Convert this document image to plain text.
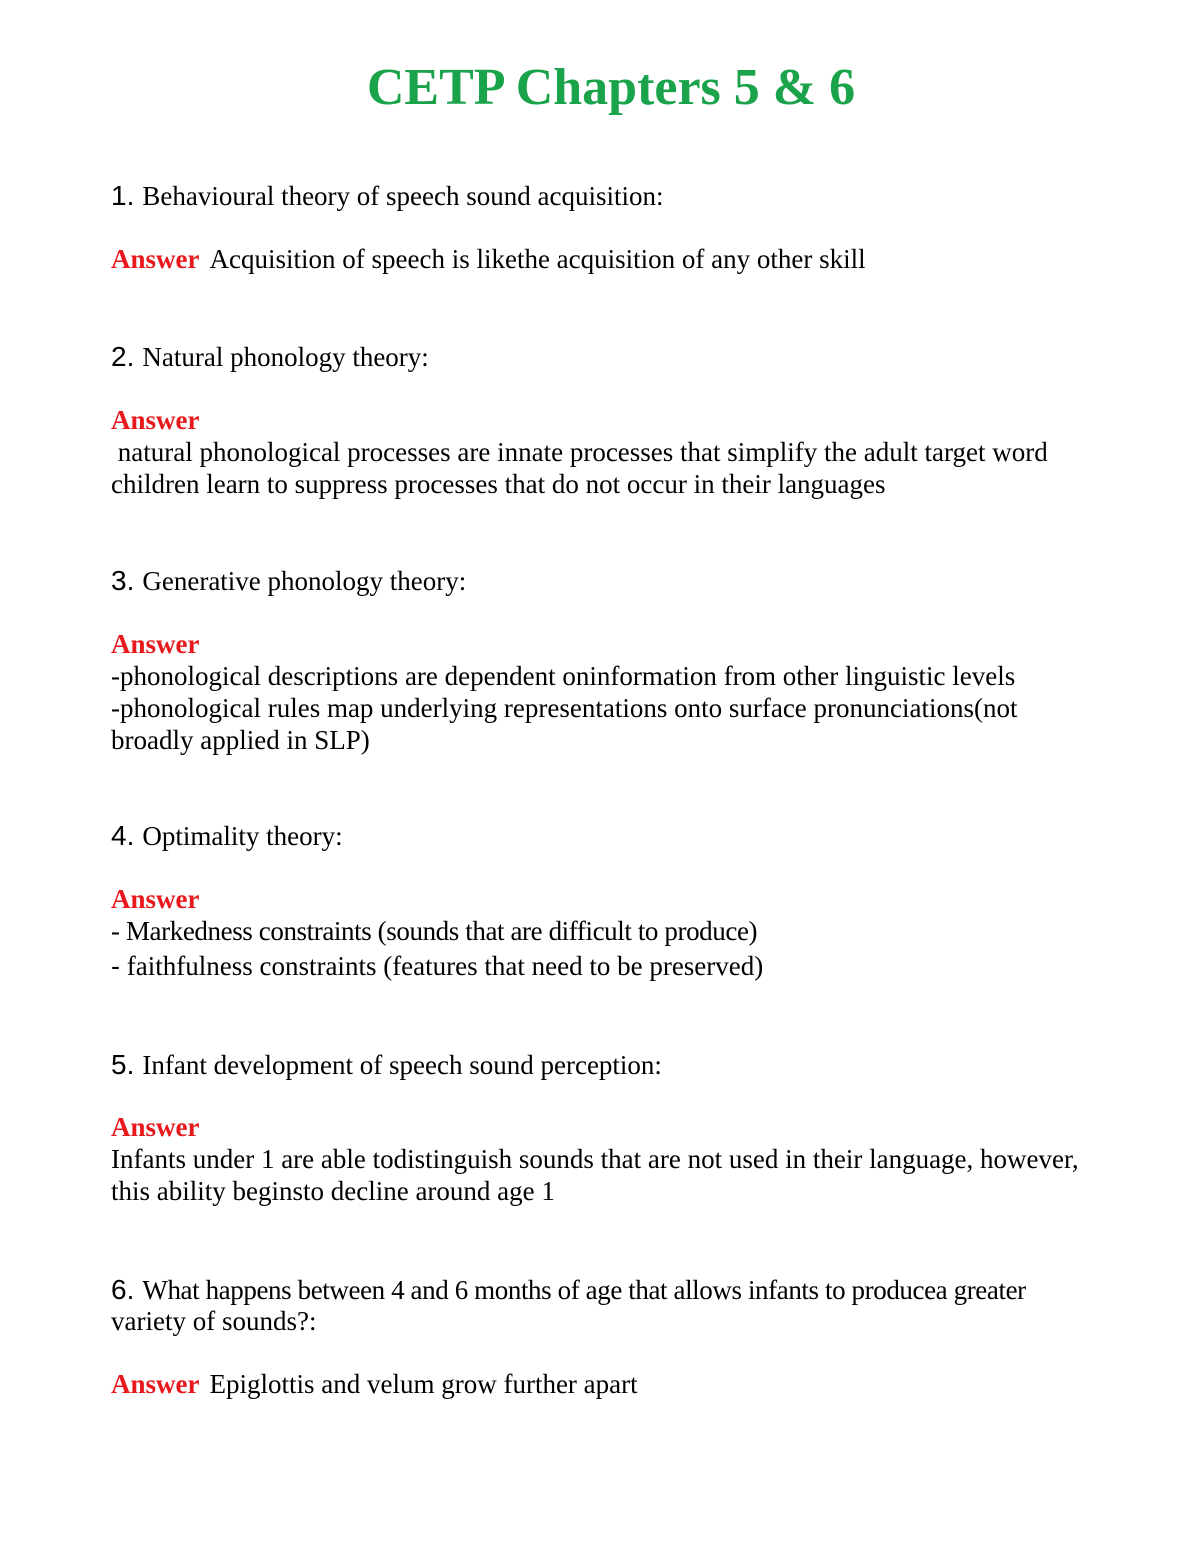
CETP Chapters 5 & 6
1. Behavioural theory of speech sound acquisition:
Answer Acquisition of speech is likethe acquisition of any other skill
2. Natural phonology theory:
Answer
natural phonological processes are innate processes that simplify the adult target word
children learn to suppress processes that do not occur in their languages
3. Generative phonology theory:
Answer
-phonological descriptions are dependent oninformation from other linguistic levels
-phonological rules map underlying representations onto surface pronunciations(not
broadly applied in SLP)
4. Optimality theory:
Answer
- Markedness constraints (sounds that are difficult to produce)
- faithfulness constraints (features that need to be preserved)
5. Infant development of speech sound perception:
Answer
Infants under 1 are able todistinguish sounds that are not used in their language, however,
this ability beginsto decline around age 1
6. What happens between 4 and 6 months of age that allows infants to producea greater
variety of sounds?:
Answer Epiglottis and velum grow further apart
